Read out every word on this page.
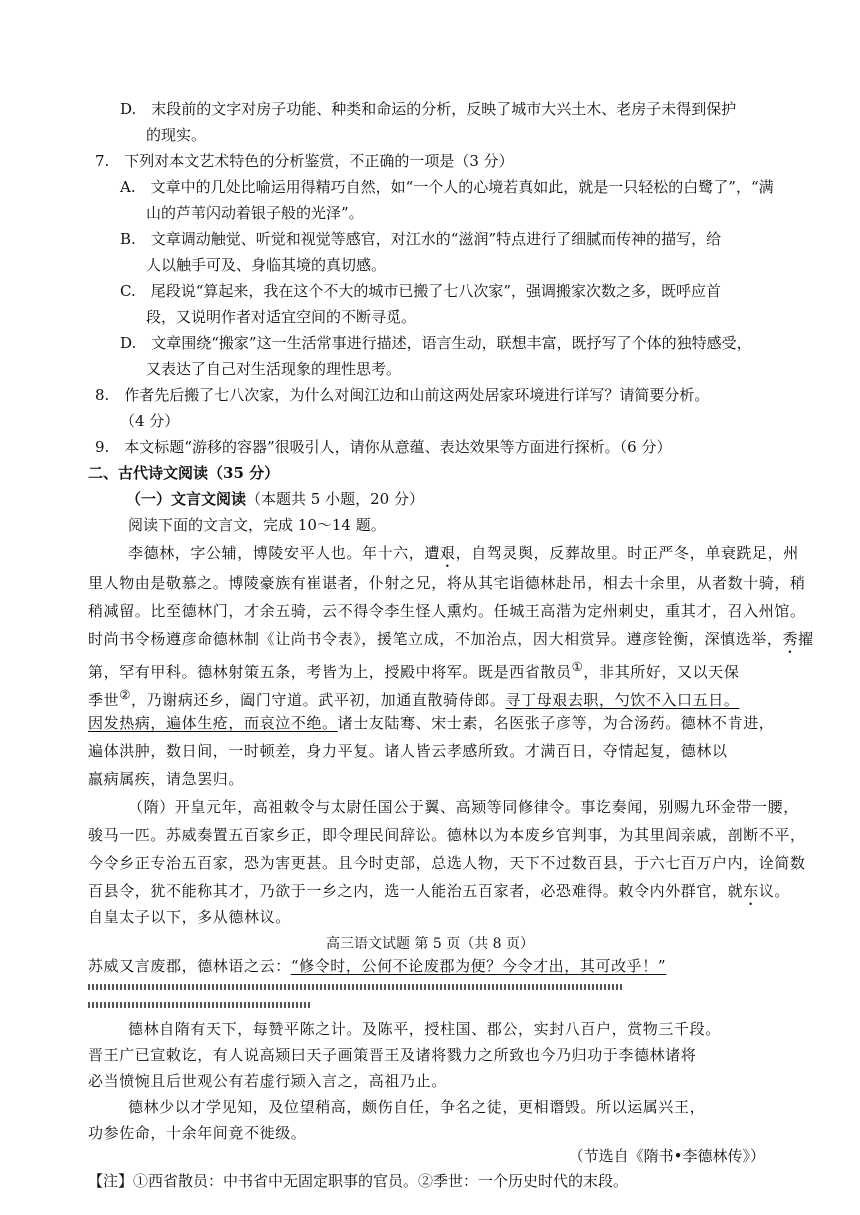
D.　末段前的文字对房子功能、种类和命运的分析，反映了城市大兴土木、老房子未得到保护
的现实。
7.　下列对本文艺术特色的分析鉴赏，不正确的一项是（3 分）
A.　文章中的几处比喻运用得精巧自然，如“一个人的心境若真如此，就是一只轻松的白鹭了”，“满
山的芦苇闪动着银子般的光泽”。
B.　文章调动触觉、听觉和视觉等感官，对江水的“滋润”特点进行了细腻而传神的描写，给
人以触手可及、身临其境的真切感。
C.　尾段说“算起来，我在这个不大的城市已搬了七八次家”，强调搬家次数之多，既呼应首
段，又说明作者对适宜空间的不断寻觅。
D.　文章围绕“搬家”这一生活常事进行描述，语言生动，联想丰富，既抒写了个体的独特感受，
又表达了自己对生活现象的理性思考。
8.　作者先后搬了七八次家，为什么对闽江边和山前这两处居家环境进行详写？请简要分析。
（4 分）
9.　本文标题“游移的容器”很吸引人，请你从意蕴、表达效果等方面进行探析。（6 分）
二、古代诗文阅读（35 分）
（一）文言文阅读（本题共 5 小题，20 分）
阅读下面的文言文，完成 10～14 题。
李德林，字公辅，博陵安平人也。年十六，遭艰，自驾灵舆，反葬故里。时正严冬，单衰跣足，州
里人物由是敬慕之。博陵豪族有崔谌者，仆射之兄，将从其宅诣德林赴吊，相去十余里，从者数十骑，稍
稍减留。比至德林门，才余五骑，云不得令李生怪人熏灼。任城王高湝为定州刺史，重其才，召入州馆。
时尚书令杨遵彦命德林制《让尚书令表》，援笔立成，不加治点，因大相赏异。遵彦铨衡，深慎选举，秀擢
第，罕有甲科。德林射策五条，考皆为上，授殿中将军。既是西省散员①，非其所好，又以天保
季世②，乃谢病还乡，阖门守道。武平初，加通直散骑侍郎。寻丁母艰去职，勺饮不入口五日。
因发热病，遍体生疮，而哀泣不绝。诸士友陆骞、宋士素，名医张子彦等，为合汤药。德林不肯进，
遍体洪肿，数日间，一时顿差，身力平复。诸人皆云孝感所致。才满百日，夺情起复，德林以
羸病属疾，请急罢归。
（隋）开皇元年，高祖敕令与太尉任国公于翼、高颎等同修律令。事讫奏闻，别赐九环金带一腰，
骏马一匹。苏威奏置五百家乡正，即令理民间辞讼。德林以为本废乡官判事，为其里闾亲戚，剖断不平，
今令乡正专治五百家，恐为害更甚。且今时吏部，总选人物，天下不过数百县，于六七百万户内，诠简数
百县令，犹不能称其才，乃欲于一乡之内，选一人能治五百家者，必恐难得。敕令内外群官，就东议。
自皇太子以下，多从德林议。
高三语文试题 第 5 页（共 8 页）
苏威又言废郡，德林语之云：“修令时，公何不论废郡为便？今令才出，其可改乎！”
德林自隋有天下，每赞平陈之计。及陈平，授柱国、郡公，实封八百户，赏物三千段。
晋王广已宣敕讫，有人说高颎曰天子画策晋王及诸将戮力之所致也今乃归功于李德林诸将
必当愤惋且后世观公有若虚行颎入言之，高祖乃止。
德林少以才学见知，及位望稍高，颇伤自任，争名之徒，更相谮毁。所以运属兴王，
功参佐命，十余年间竟不徙级。
（节选自《隋书•李德林传》）
【注】①西省散员：中书省中无固定职事的官员。②季世：一个历史时代的末段。
